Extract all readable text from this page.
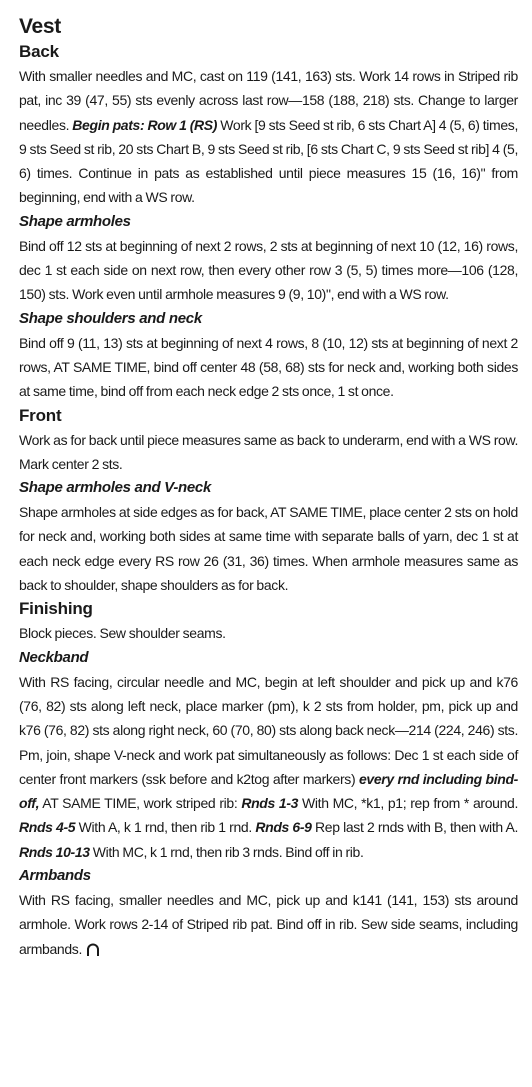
Vest
Back

With smaller needles and MC, cast on 119 (141, 163) sts. Work 14 rows in Striped rib pat, inc 39 (47, 55) sts evenly across last row—158 (188, 218) sts. Change to larger needles. Begin pats: Row 1 (RS) Work [9 sts Seed st rib, 6 sts Chart A] 4 (5, 6) times, 9 sts Seed st rib, 20 sts Chart B, 9 sts Seed st rib, [6 sts Chart C, 9 sts Seed st rib] 4 (5, 6) times. Continue in pats as established until piece measures 15 (16, 16)" from beginning, end with a WS row.

Shape armholes

Bind off 12 sts at beginning of next 2 rows, 2 sts at beginning of next 10 (12, 16) rows, dec 1 st each side on next row, then every other row 3 (5, 5) times more—106 (128, 150) sts. Work even until armhole measures 9 (9, 10)", end with a WS row.

Shape shoulders and neck

Bind off 9 (11, 13) sts at beginning of next 4 rows, 8 (10, 12) sts at beginning of next 2 rows, AT SAME TIME, bind off center 48 (58, 68) sts for neck and, working both sides at same time, bind off from each neck edge 2 sts once, 1 st once.

Front

Work as for back until piece measures same as back to underarm, end with a WS row. Mark center 2 sts.

Shape armholes and V-neck

Shape armholes at side edges as for back, AT SAME TIME, place center 2 sts on hold for neck and, working both sides at same time with separate balls of yarn, dec 1 st at each neck edge every RS row 26 (31, 36) times. When armhole measures same as back to shoulder, shape shoulders as for back.

Finishing

Block pieces. Sew shoulder seams.

Neckband

With RS facing, circular needle and MC, begin at left shoulder and pick up and k76 (76, 82) sts along left neck, place marker (pm), k 2 sts from holder, pm, pick up and k76 (76, 82) sts along right neck, 60 (70, 80) sts along back neck—214 (224, 246) sts. Pm, join, shape V-neck and work pat simultaneously as follows: Dec 1 st each side of center front markers (ssk before and k2tog after markers) every rnd including bind-off, AT SAME TIME, work striped rib: Rnds 1-3 With MC, *k1, p1; rep from * around. Rnds 4-5 With A, k 1 rnd, then rib 1 rnd. Rnds 6-9 Rep last 2 rnds with B, then with A. Rnds 10-13 With MC, k 1 rnd, then rib 3 rnds. Bind off in rib.

Armbands

With RS facing, smaller needles and MC, pick up and k141 (141, 153) sts around armhole. Work rows 2-14 of Striped rib pat. Bind off in rib. Sew side seams, including armbands.
